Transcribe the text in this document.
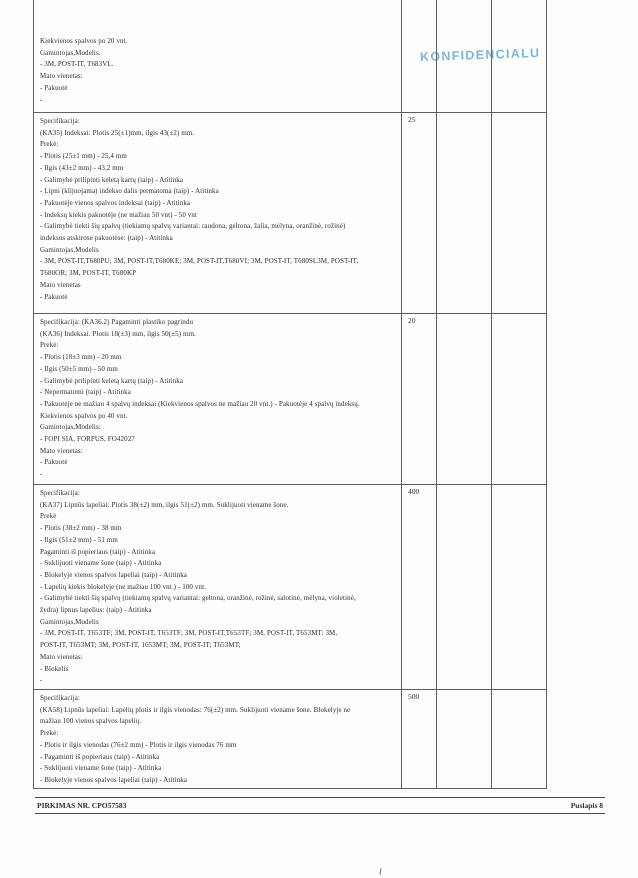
KONFIDENCIALU
Kiekvienos spalvos po 20 vnt.
Gamintojas,Modelis.
- 3M, POST-IT, T683VL.
Mato vienetas:
- Pakuotė
-
Specifikacija:
(KA35) Indeksai: Plotis 25(±1)mm, ilgis 43(±2) mm.
Prekė:
- Plotis (25±1 mm) - 25,4 mm
- Ilgis (43±2 mm) - 43,2 mm
- Galimybė prilipinti keletą kartų (taip) - Atitinka
- Lipni (klijuojama) indekso dalis permatoma (taip) - Atitinka
- Pakuotėje vienos spalvos indeksai (taip) - Atitinka
- Indeksų kiekis pakuotėje (ne mažiau 50 vnt) - 50 vnt
- Galimybė tiekti šių spalvų (tiekiamų spalvų variantai: raudona, geltona, žalia, mėlyna, oranžinė, rožinė)
indeksus atskirose pakuotėse: (taip) - Atitinka
Gamintojas,Modelis
- 3M, POST-IT,T680PU; 3M, POST-IT,T680KE; 3M, POST-IT,T680VI; 3M, POST-IT, T680SL3M, POST-IT,
T680OR; 3M, POST-IT, T680KP
Mato vienetas
- Pakuotė
25
Specifikacija: (KA36.2) Pagaminti plastiko pagrindu
(KA36) Indeksai. Plotis 18(±3) mm, ilgis 50(±5) mm.
Prekė:
- Plotis (18±3 mm) - 20 mm
- Ilgis (50±5 mm) - 50 mm
- Galimybė prilipinti keletą kartų (taip) - Atitinka
- Nepermatomi (taip) - Atitinka
- Pakuotėje ne mažiau 4 spalvų indeksai (Kiekvienos spalvos ne mažiau 20 vnt.) - Pakuotėje 4 spalvų indeksų.
Kiekvienos spalvos po 40 vnt.
Gamintojas,Modelis:
- FOPI SIA, FORPUS, FO42027
Mato vienetas:
- Pakuotė
-
20
Specifikacija:
(KA37) Lipnūs lapeliai: Plotis 38(±2) mm, ilgis 51(±2) mm. Suklijuoti viename šone.
Prekė
- Plotis (38±2 mm) - 38 mm
- Ilgis (51±2 mm) - 51 mm
Pagaminti iš popieriaus (taip) - Atitinka
- Suklijuoti viename šone (taip) - Atitinka
- Blokelyje vienos spalvos lapeliai (taip) - Atitinka
- Lapelių kiekis blokelyje (ne mažiau 100 vnt.) - 100 vnt.
- Galimybė tiekti šių spalvų (tiekiamų spalvų variantai: geltona, oranžinė, rožinė, salotinė, mėlyna, violetinė,
žydra) lipnus lapelius: (taip) - Atitinka
Gamintojas,Modelis
- 3M, POST-IT, T653TF; 3M, POST-IT, T653TF; 3M, POST-IT,T653TF; 3M, POST-IT, T653MT: 3M,
POST-IT, T653MT; 3M, POST-IT, 1653MT; 3M, POST-IT; T653MT;
Mato vienetas:
- Blokelis
-
400
Specifikacija:
(KA58) Lipnūs lapeliai: Lapelių plotis ir ilgis vienodas: 76(±2) mm. Suklijuoti viename šone. Blokelyje ne
mažiau 100 vienos spalvos lapelių.
Prekė:
- Plotis ir ilgis vienodas (76±2 mm) - Plotis ir ilgis vienodas 76 mm
- Pagaminti iš popieriaus (taip) - Atitinka
- Suklijuoti viename šone (taip) - Atitinka
- Blokelyje vienos spalvos lapeliai (taip) - Atitinka
500
PIRKIMAS NR. CPO57583	Puslapis 8
